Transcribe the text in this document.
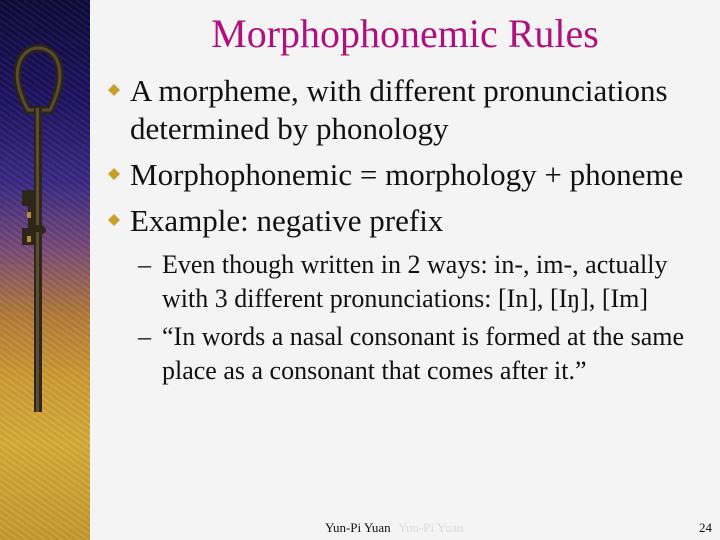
Morphophonemic Rules
A morpheme, with different pronunciations determined by phonology
Morphophonemic = morphology + phoneme
Example: negative prefix
– Even though written in 2 ways: in-, im-, actually with 3 different pronunciations: [In], [Iŋ], [Im]
– “In words a nasal consonant is formed at the same place as a consonant that comes after it.”
Yun-Pi Yuan Yun-Pi Yuan	24
